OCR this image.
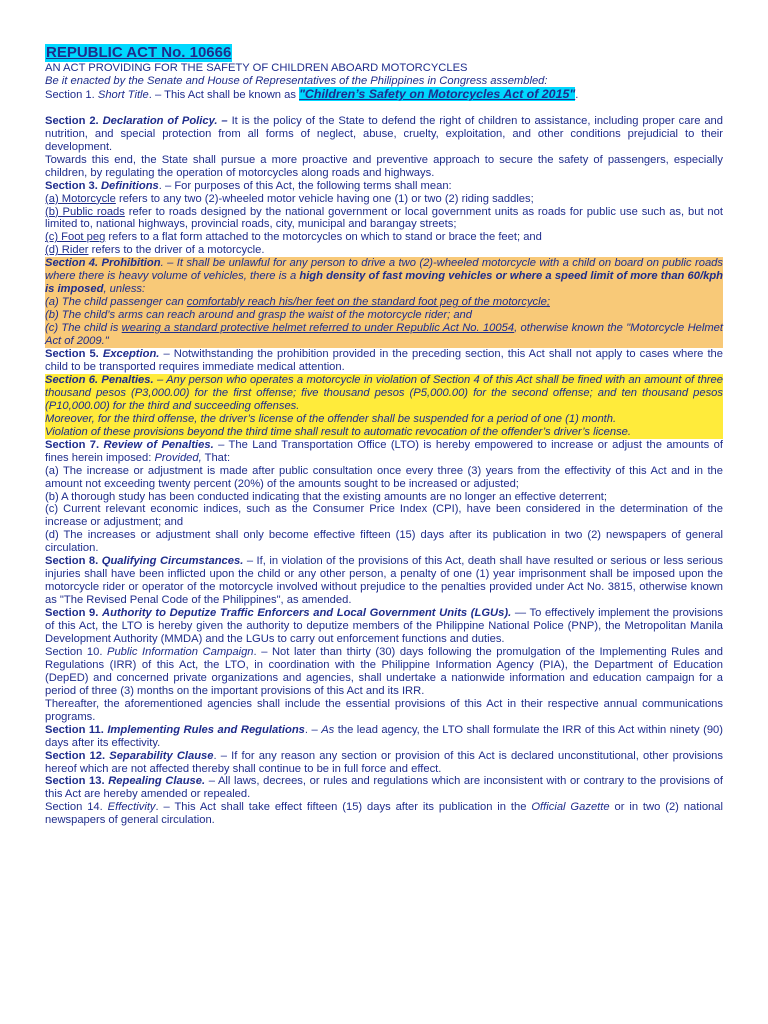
REPUBLIC ACT No. 10666

AN ACT PROVIDING FOR THE SAFETY OF CHILDREN ABOARD MOTORCYCLES

Be it enacted by the Senate and House of Representatives of the Philippines in Congress assembled:

Section 1. Short Title. – This Act shall be known as "Children’s Safety on Motorcycles Act of 2015".

Section 2. Declaration of Policy. – It is the policy of the State to defend the right of children to assistance, including proper care and nutrition, and special protection from all forms of neglect, abuse, cruelty, exploitation, and other conditions prejudicial to their development.

Towards this end, the State shall pursue a more proactive and preventive approach to secure the safety of passengers, especially children, by regulating the operation of motorcycles along roads and highways.

Section 3. Definitions. – For purposes of this Act, the following terms shall mean:

(a) Motorcycle refers to any two (2)-wheeled motor vehicle having one (1) or two (2) riding saddles;

(b) Public roads refer to roads designed by the national government or local government units as roads for public use such as, but not limited to, national highways, provincial roads, city, municipal and barangay streets;

(c) Foot peg refers to a flat form attached to the motorcycles on which to stand or brace the feet; and

(d) Rider refers to the driver of a motorcycle.

Section 4. Prohibition. – It shall be unlawful for any person to drive a two (2)-wheeled motorcycle with a child on board on public roads where there is heavy volume of vehicles, there is a high density of fast moving vehicles or where a speed limit of more than 60/kph is imposed, unless:

(a) The child passenger can comfortably reach his/her feet on the standard foot peg of the motorcycle;

(b) The child’s arms can reach around and grasp the waist of the motorcycle rider; and

(c) The child is wearing a standard protective helmet referred to under Republic Act No. 10054, otherwise known the "Motorcycle Helmet Act of 2009."

Section 5. Exception. – Notwithstanding the prohibition provided in the preceding section, this Act shall not apply to cases where the child to be transported requires immediate medical attention.

Section 6. Penalties. – Any person who operates a motorcycle in violation of Section 4 of this Act shall be fined with an amount of three thousand pesos (P3,000.00) for the first offense; five thousand pesos (P5,000.00) for the second offense; and ten thousand pesos (P10,000.00) for the third and succeeding offenses.

Moreover, for the third offense, the driver’s license of the offender shall be suspended for a period of one (1) month.

Violation of these provisions beyond the third time shall result to automatic revocation of the offender’s driver’s license.

Section 7. Review of Penalties. – The Land Transportation Office (LTO) is hereby empowered to increase or adjust the amounts of fines herein imposed: Provided, That:

(a) The increase or adjustment is made after public consultation once every three (3) years from the effectivity of this Act and in the amount not exceeding twenty percent (20%) of the amounts sought to be increased or adjusted;

(b) A thorough study has been conducted indicating that the existing amounts are no longer an effective deterrent;

(c) Current relevant economic indices, such as the Consumer Price Index (CPI), have been considered in the determination of the increase or adjustment; and

(d) The increases or adjustment shall only become effective fifteen (15) days after its publication in two (2) newspapers of general circulation.

Section 8. Qualifying Circumstances. – If, in violation of the provisions of this Act, death shall have resulted or serious or less serious injuries shall have been inflicted upon the child or any other person, a penalty of one (1) year imprisonment shall be imposed upon the motorcycle rider or operator of the motorcycle involved without prejudice to the penalties provided under Act No. 3815, otherwise known as "The Revised Penal Code of the Philippines", as amended.

Section 9. Authority to Deputize Traffic Enforcers and Local Government Units (LGUs). — To effectively implement the provisions of this Act, the LTO is hereby given the authority to deputize members of the Philippine National Police (PNP), the Metropolitan Manila Development Authority (MMDA) and the LGUs to carry out enforcement functions and duties.

Section 10. Public Information Campaign. – Not later than thirty (30) days following the promulgation of the Implementing Rules and Regulations (IRR) of this Act, the LTO, in coordination with the Philippine Information Agency (PIA), the Department of Education (DepED) and concerned private organizations and agencies, shall undertake a nationwide information and education campaign for a period of three (3) months on the important provisions of this Act and its IRR.

Thereafter, the aforementioned agencies shall include the essential provisions of this Act in their respective annual communications programs.

Section 11. Implementing Rules and Regulations. – As the lead agency, the LTO shall formulate the IRR of this Act within ninety (90) days after its effectivity.

Section 12. Separability Clause. – If for any reason any section or provision of this Act is declared unconstitutional, other provisions hereof which are not affected thereby shall continue to be in full force and effect.

Section 13. Repealing Clause. – All laws, decrees, or rules and regulations which are inconsistent with or contrary to the provisions of this Act are hereby amended or repealed.

Section 14. Effectivity. – This Act shall take effect fifteen (15) days after its publication in the Official Gazette or in two (2) national newspapers of general circulation.
